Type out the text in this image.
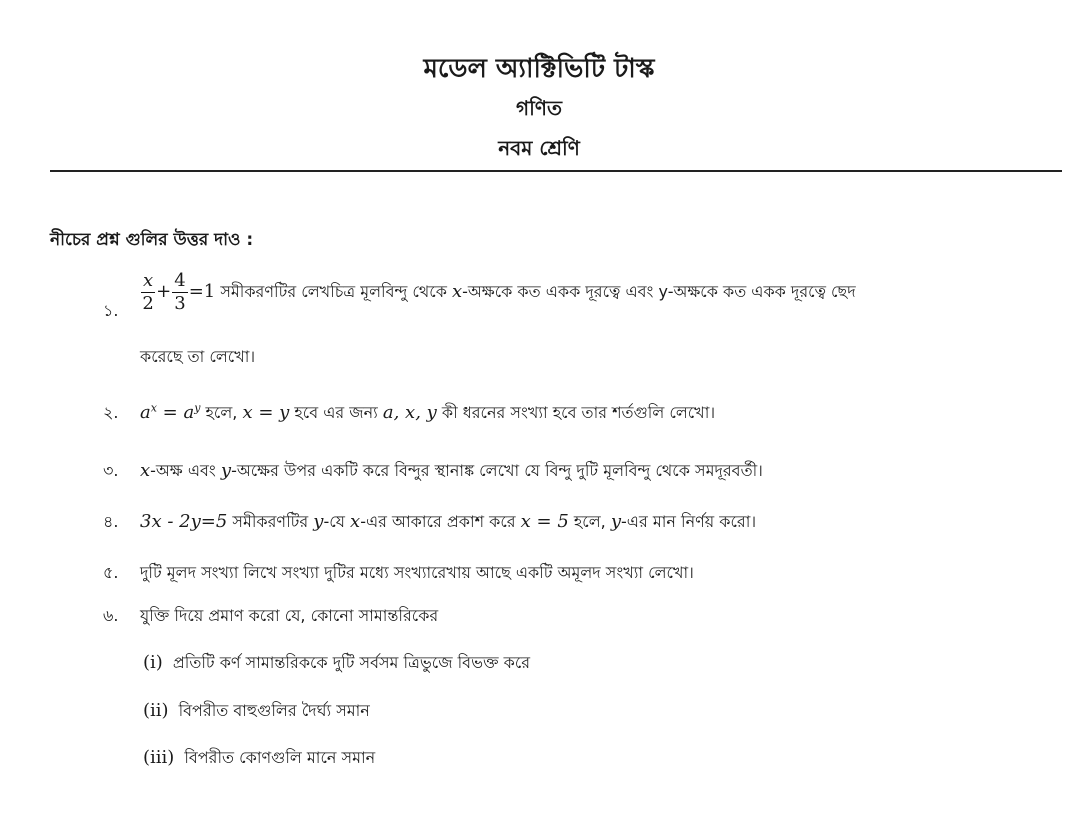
মডেল অ্যাক্টিভিটি টাস্ক
গণিত
নবম শ্রেণি
নীচের প্রশ্ন গুলির উত্তর দাও :
১. $\frac{x}{2} + \frac{4}{3} =1$ সমীকরণটির লেখচিত্র মূলবিন্দু থেকে x-অক্ষকে কত একক দূরত্বে এবং y-অক্ষকে কত একক দূরত্বে ছেদ
করেছে তা লেখো।
২. $a^x = a^y$ হলে, x = y হবে এর জন্য a, x, y কী ধরনের সংখ্যা হবে তার শর্তগুলি লেখো।
৩. x-অক্ষ এবং y-অক্ষের উপর একটি করে বিন্দুর স্থানাঙ্ক লেখো যে বিন্দু দুটি মূলবিন্দু থেকে সমদূরবর্তী।
৪. 3x - 2y=5 সমীকরণটির y-যে x-এর আকারে প্রকাশ করে x = 5 হলে, y-এর মান নির্ণয় করো।
৫. দুটি মূলদ সংখ্যা লিখে সংখ্যা দুটির মধ্যে সংখ্যারেখায় আছে একটি অমূলদ সংখ্যা লেখো।
৬. যুক্তি দিয়ে প্রমাণ করো যে, কোনো সামান্তরিকের
(i) প্রতিটি কর্ণ সামান্তরিককে দুটি সর্বসম ত্রিভুজে বিভক্ত করে
(ii) বিপরীত বাহুগুলির দৈর্ঘ্য সমান
(iii) বিপরীত কোণগুলি মানে সমান
